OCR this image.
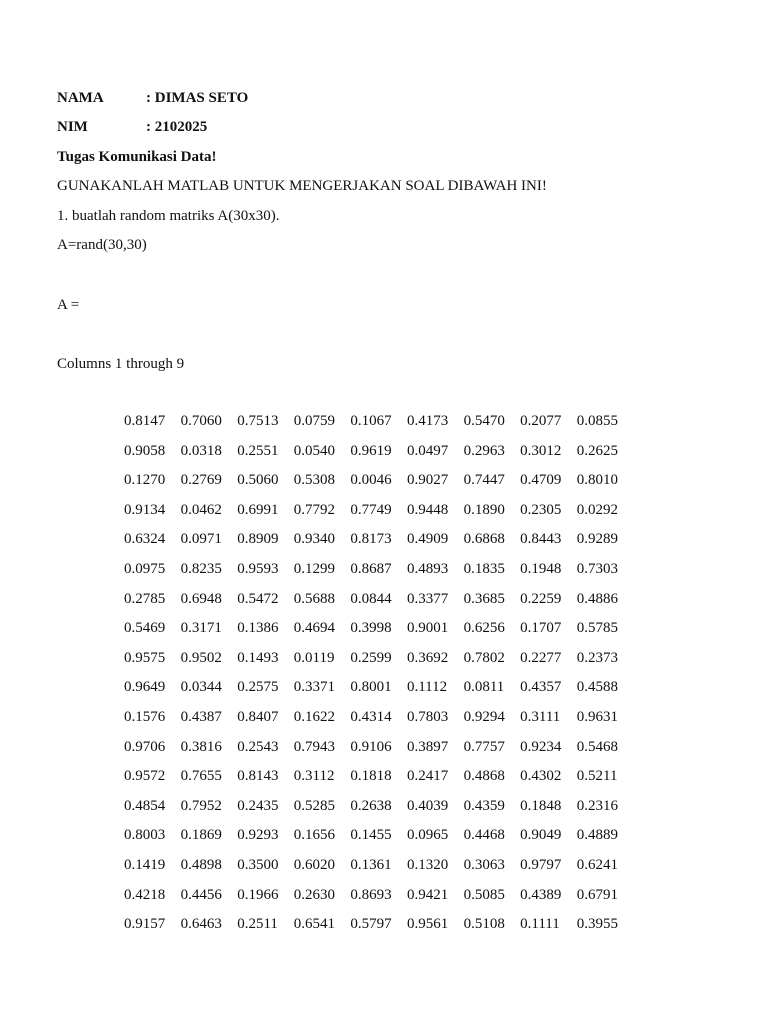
NAMA	: DIMAS SETO
NIM	: 2102025
Tugas Komunikasi Data!
GUNAKANLAH MATLAB UNTUK MENGERJAKAN SOAL DIBAWAH INI!
1. buatlah random matriks A(30x30).
A=rand(30,30)
A =
Columns 1 through 9
0.8147	0.7060	0.7513	0.0759	0.1067	0.4173	0.5470	0.2077	0.0855
0.9058	0.0318	0.2551	0.0540	0.9619	0.0497	0.2963	0.3012	0.2625
0.1270	0.2769	0.5060	0.5308	0.0046	0.9027	0.7447	0.4709	0.8010
0.9134	0.0462	0.6991	0.7792	0.7749	0.9448	0.1890	0.2305	0.0292
0.6324	0.0971	0.8909	0.9340	0.8173	0.4909	0.6868	0.8443	0.9289
0.0975	0.8235	0.9593	0.1299	0.8687	0.4893	0.1835	0.1948	0.7303
0.2785	0.6948	0.5472	0.5688	0.0844	0.3377	0.3685	0.2259	0.4886
0.5469	0.3171	0.1386	0.4694	0.3998	0.9001	0.6256	0.1707	0.5785
0.9575	0.9502	0.1493	0.0119	0.2599	0.3692	0.7802	0.2277	0.2373
0.9649	0.0344	0.2575	0.3371	0.8001	0.1112	0.0811	0.4357	0.4588
0.1576	0.4387	0.8407	0.1622	0.4314	0.7803	0.9294	0.3111	0.9631
0.9706	0.3816	0.2543	0.7943	0.9106	0.3897	0.7757	0.9234	0.5468
0.9572	0.7655	0.8143	0.3112	0.1818	0.2417	0.4868	0.4302	0.5211
0.4854	0.7952	0.2435	0.5285	0.2638	0.4039	0.4359	0.1848	0.2316
0.8003	0.1869	0.9293	0.1656	0.1455	0.0965	0.4468	0.9049	0.4889
0.1419	0.4898	0.3500	0.6020	0.1361	0.1320	0.3063	0.9797	0.6241
0.4218	0.4456	0.1966	0.2630	0.8693	0.9421	0.5085	0.4389	0.6791
0.9157	0.6463	0.2511	0.6541	0.5797	0.9561	0.5108	0.1111	0.3955
